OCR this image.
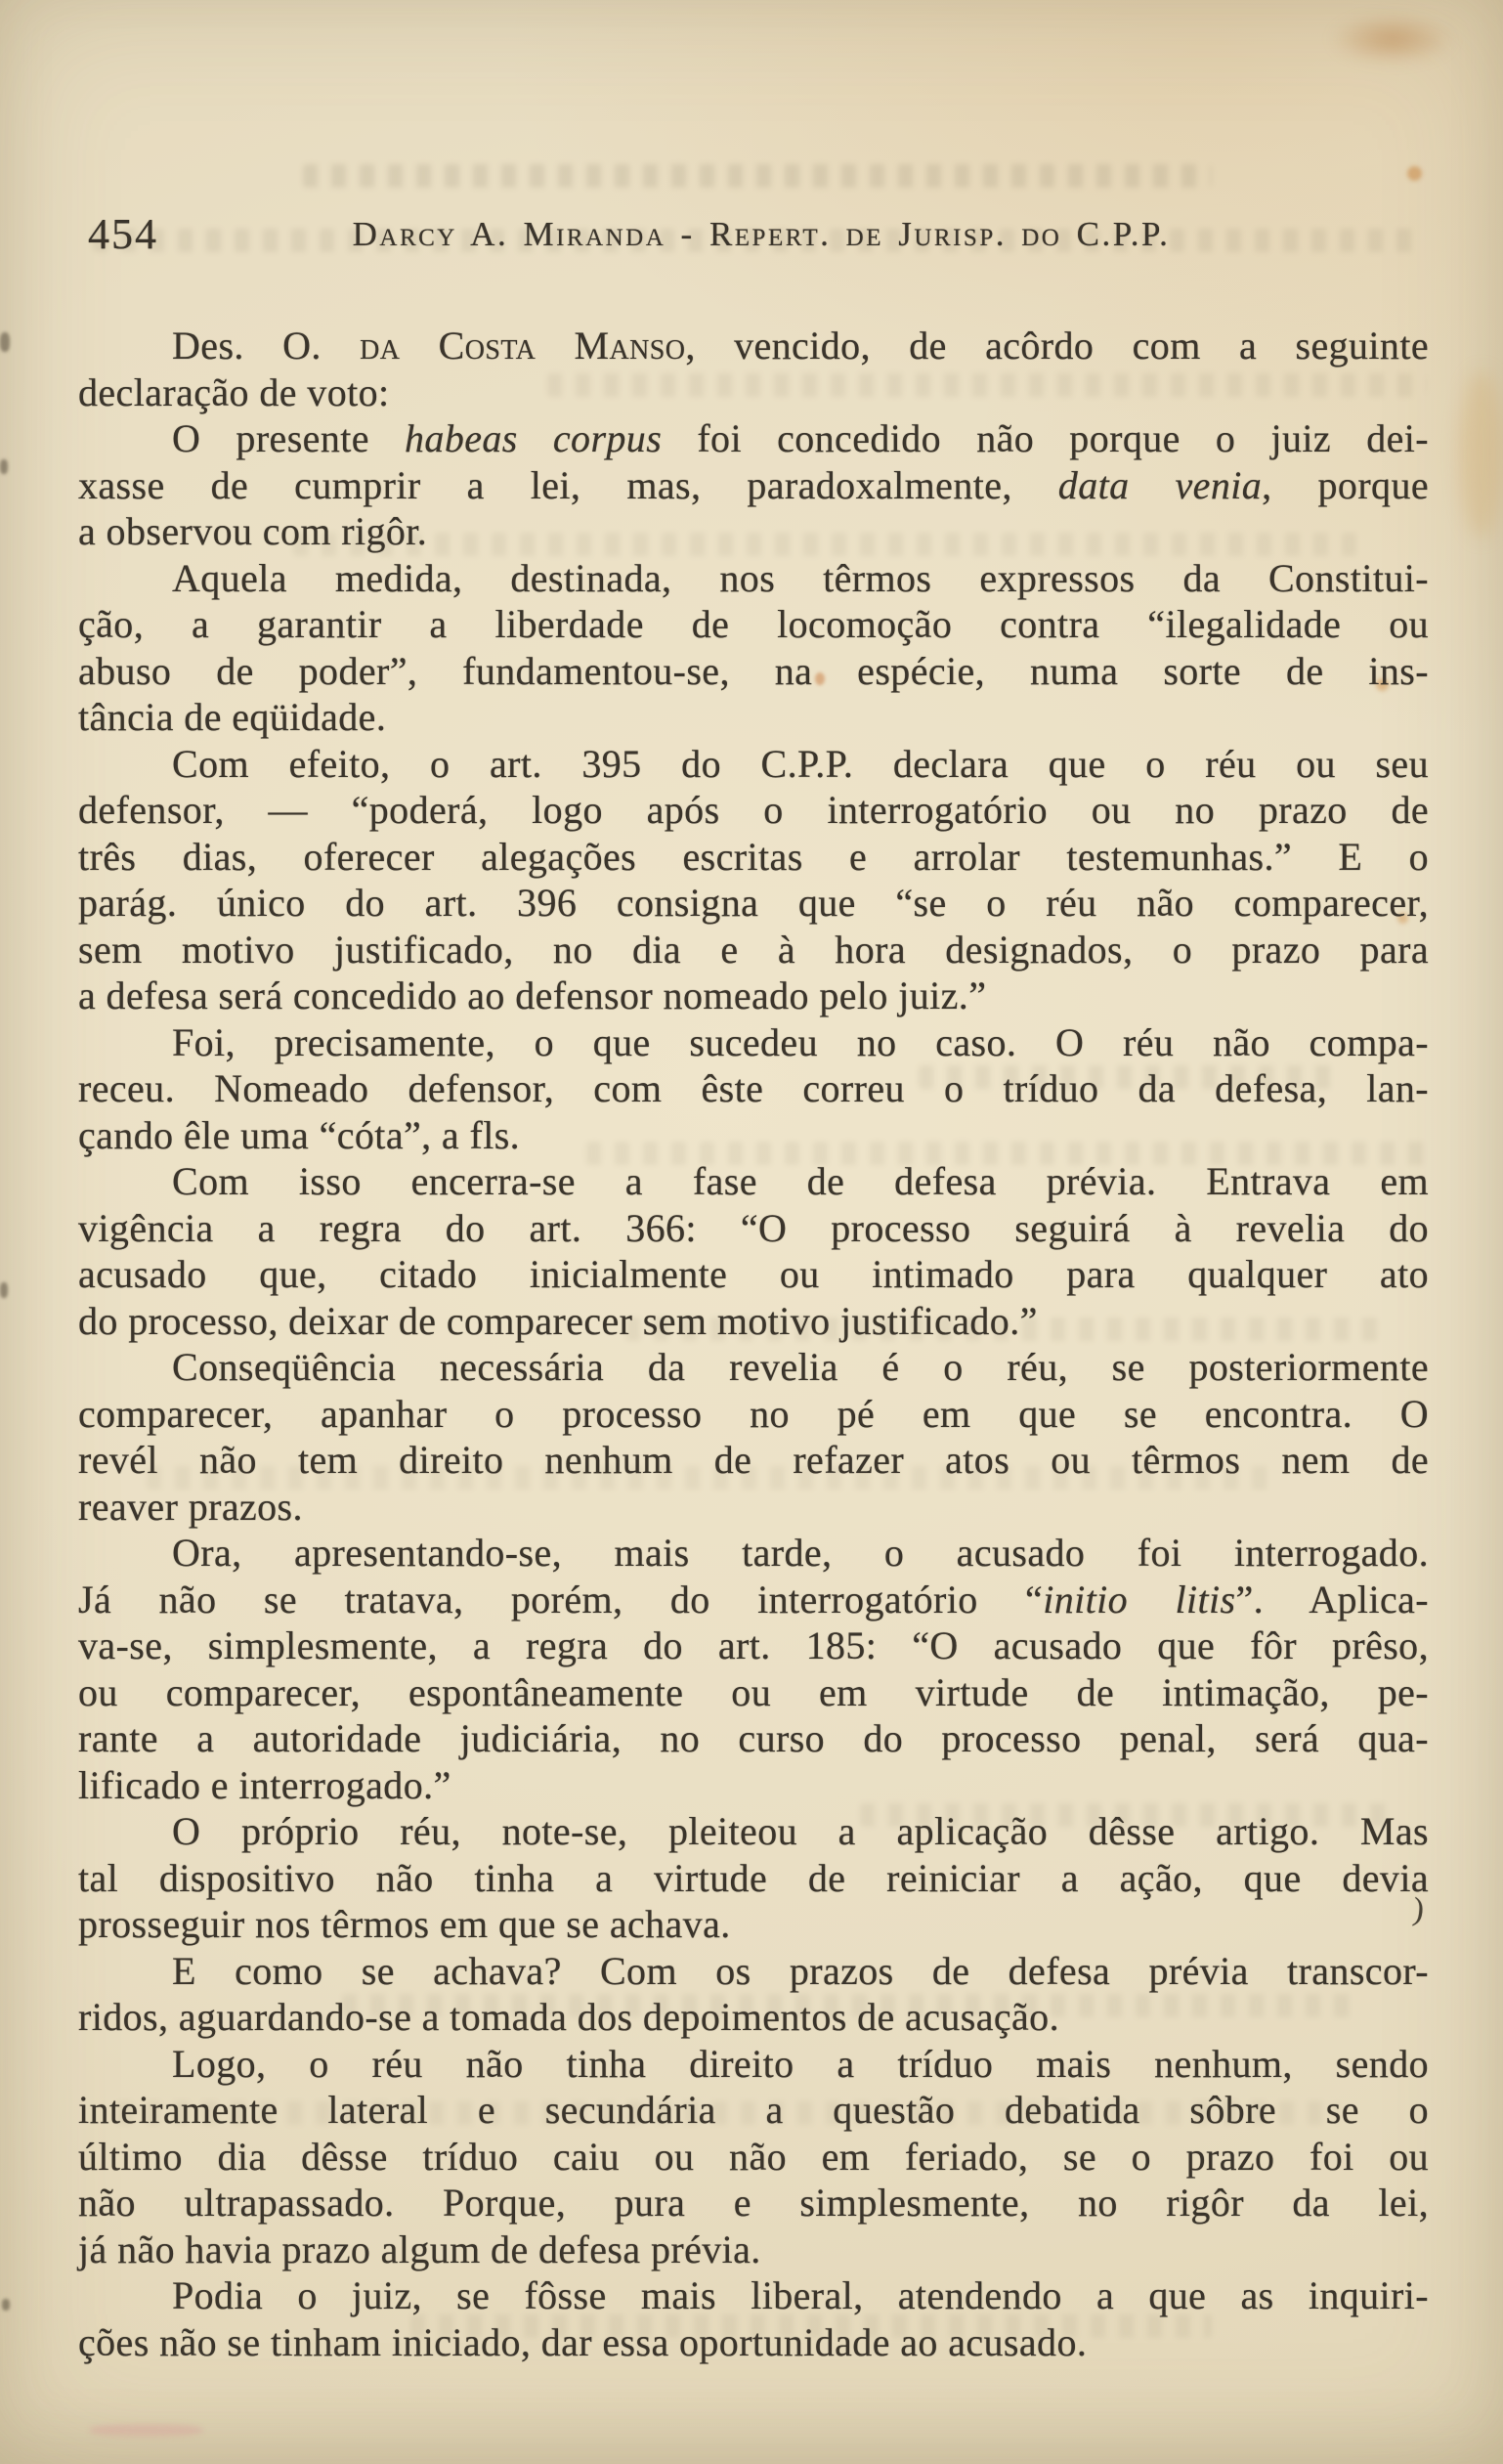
454	Darcy A. Miranda - Repert. de Jurisp. do C.P.P.
Des. O. da Costa Manso, vencido, de acôrdo com a seguinte
declaração de voto:
O presente habeas corpus foi concedido não porque o juiz dei-
xasse de cumprir a lei, mas, paradoxalmente, data venia, porque
a observou com rigôr.
Aquela medida, destinada, nos têrmos expressos da Constitui-
ção, a garantir a liberdade de locomoção contra “ilegalidade ou
abuso de poder”, fundamentou-se, na espécie, numa sorte de ins-
tância de eqüidade.
Com efeito, o art. 395 do C.P.P. declara que o réu ou seu
defensor, — “poderá, logo após o interrogatório ou no prazo de
três dias, oferecer alegações escritas e arrolar testemunhas.” E o
parág. único do art. 396 consigna que “se o réu não comparecer,
sem motivo justificado, no dia e à hora designados, o prazo para
a defesa será concedido ao defensor nomeado pelo juiz.”
Foi, precisamente, o que sucedeu no caso. O réu não compa-
receu. Nomeado defensor, com êste correu o tríduo da defesa, lan-
çando êle uma “cóta”, a fls.
Com isso encerra-se a fase de defesa prévia. Entrava em
vigência a regra do art. 366: “O processo seguirá à revelia do
acusado que, citado inicialmente ou intimado para qualquer ato
do processo, deixar de comparecer sem motivo justificado.”
Conseqüência necessária da revelia é o réu, se posteriormente
comparecer, apanhar o processo no pé em que se encontra. O
revél não tem direito nenhum de refazer atos ou têrmos nem de
reaver prazos.
Ora, apresentando-se, mais tarde, o acusado foi interrogado.
Já não se tratava, porém, do interrogatório “initio litis”. Aplica-
va-se, simplesmente, a regra do art. 185: “O acusado que fôr prêso,
ou comparecer, espontâneamente ou em virtude de intimação, pe-
rante a autoridade judiciária, no curso do processo penal, será qua-
lificado e interrogado.”
O próprio réu, note-se, pleiteou a aplicação dêsse artigo. Mas
tal dispositivo não tinha a virtude de reiniciar a ação, que devia
prosseguir nos têrmos em que se achava.
E como se achava? Com os prazos de defesa prévia transcor-
ridos, aguardando-se a tomada dos depoimentos de acusação.
Logo, o réu não tinha direito a tríduo mais nenhum, sendo
inteiramente lateral e secundária a questão debatida sôbre se o
último dia dêsse tríduo caiu ou não em feriado, se o prazo foi ou
não ultrapassado. Porque, pura e simplesmente, no rigôr da lei,
já não havia prazo algum de defesa prévia.
Podia o juiz, se fôsse mais liberal, atendendo a que as inquiri-
ções não se tinham iniciado, dar essa oportunidade ao acusado.
)
